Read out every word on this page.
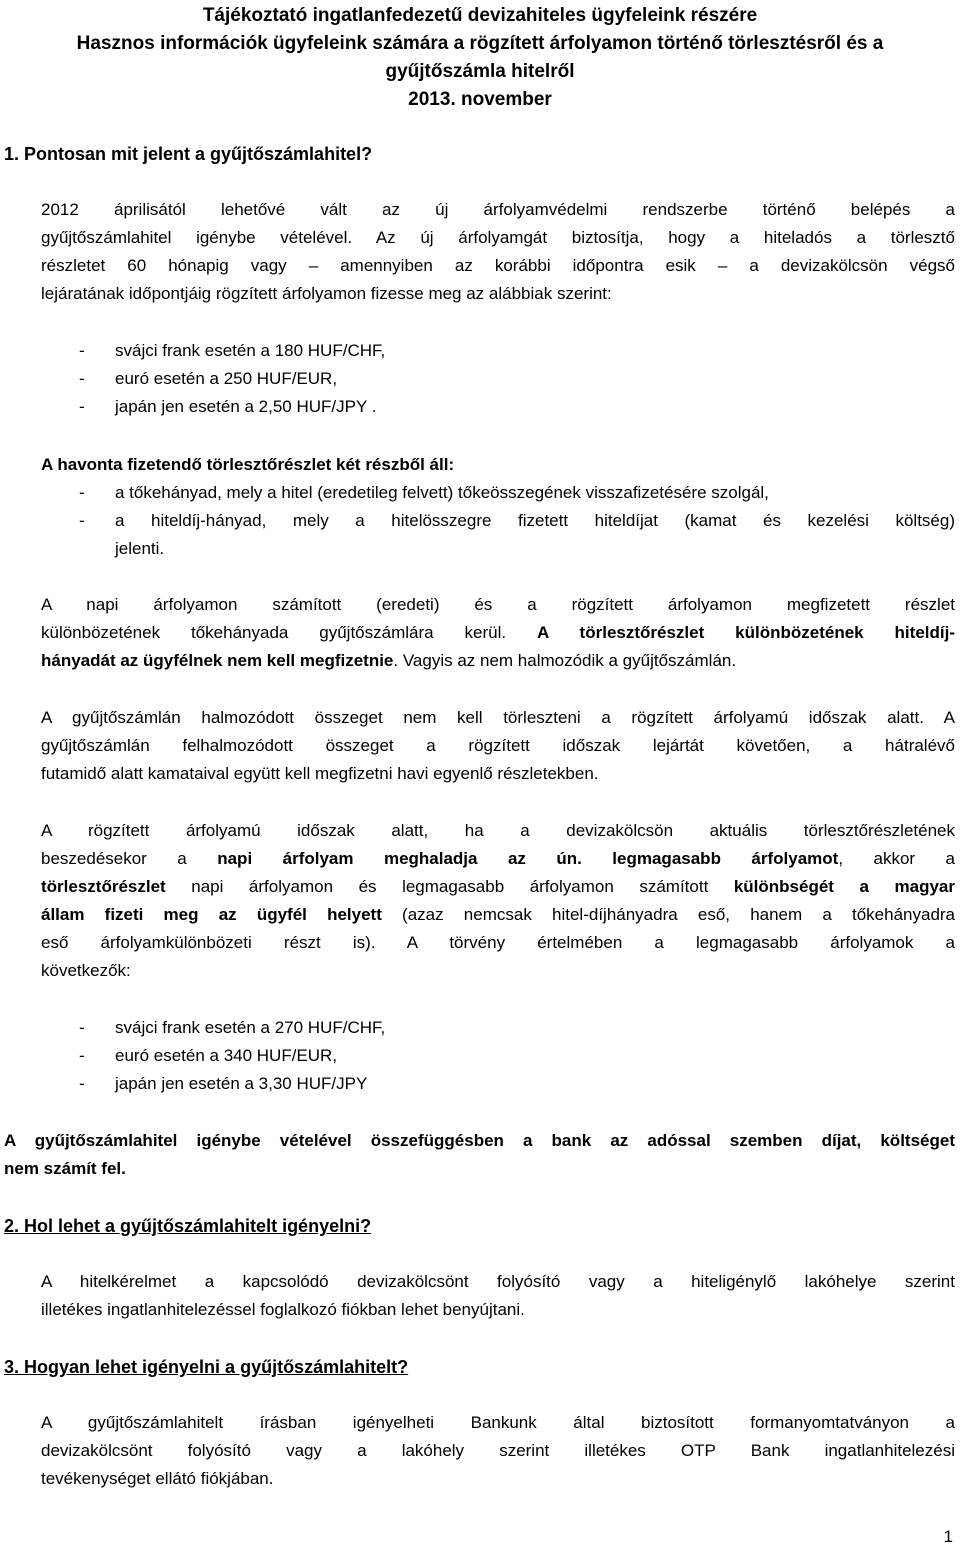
Tájékoztató ingatlanfedezetű devizahiteles ügyfeleink részére
Hasznos információk ügyfeleink számára a rögzített árfolyamon történő törlesztésről és a
gyűjtőszámla hitelről
2013. november
1. Pontosan mit jelent a gyűjtőszámlahitel?
2012 áprilisától lehetővé vált az új árfolyamvédelmi rendszerbe történő belépés a
gyűjtőszámlahitel igénybe vételével. Az új árfolyamgát biztosítja, hogy a hiteladós a törlesztő
részletet 60 hónapig vagy – amennyiben az korábbi időpontra esik – a devizakölcsön végső
lejáratának időpontjáig rögzített árfolyamon fizesse meg az alábbiak szerint:
- svájci frank esetén a 180 HUF/CHF,
- euró esetén a 250 HUF/EUR,
- japán jen esetén a 2,50 HUF/JPY .
A havonta fizetendő törlesztőrészlet két részből áll:
- a tőkehányad, mely a hitel (eredetileg felvett) tőkeösszegének visszafizetésére szolgál,
- a hiteldíj-hányad, mely a hitelösszegre fizetett hiteldíjat (kamat és kezelési költség)
jelenti.
A napi árfolyamon számított (eredeti) és a rögzített árfolyamon megfizetett részlet
különbözetének tőkehányada gyűjtőszámlára kerül. A törlesztőrészlet különbözetének hiteldíj-
hányadát az ügyfélnek nem kell megfizetnie. Vagyis az nem halmozódik a gyűjtőszámlán.
A gyűjtőszámlán halmozódott összeget nem kell törleszteni a rögzített árfolyamú időszak alatt. A
gyűjtőszámlán felhalmozódott összeget a rögzített időszak lejártát követően, a hátralévő
futamidő alatt kamataival együtt kell megfizetni havi egyenlő részletekben.
A rögzített árfolyamú időszak alatt, ha a devizakölcsön aktuális törlesztőrészletének
beszedésekor a napi árfolyam meghaladja az ún. legmagasabb árfolyamot, akkor a
törlesztőrészlet napi árfolyamon és legmagasabb árfolyamon számított különbségét a magyar
állam fizeti meg az ügyfél helyett (azaz nemcsak hitel-díjhányadra eső, hanem a tőkehányadra
eső árfolyamkülönbözeti részt is). A törvény értelmében a legmagasabb árfolyamok a
következők:
- svájci frank esetén a 270 HUF/CHF,
- euró esetén a 340 HUF/EUR,
- japán jen esetén a 3,30 HUF/JPY
A gyűjtőszámlahitel igénybe vételével összefüggésben a bank az adóssal szemben díjat, költséget
nem számít fel.
2. Hol lehet a gyűjtőszámlahitelt igényelni?
A hitelkérelmet a kapcsolódó devizakölcsönt folyósító vagy a hiteligénylő lakóhelye szerint
illetékes ingatlanhitelezéssel foglalkozó fiókban lehet benyújtani.
3. Hogyan lehet igényelni a gyűjtőszámlahitelt?
A gyűjtőszámlahitelt írásban igényelheti Bankunk által biztosított formanyomtatványon a
devizakölcsönt folyósító vagy a lakóhely szerint illetékes OTP Bank ingatlanhitelezési
tevékenységet ellátó fiókjában.
1
